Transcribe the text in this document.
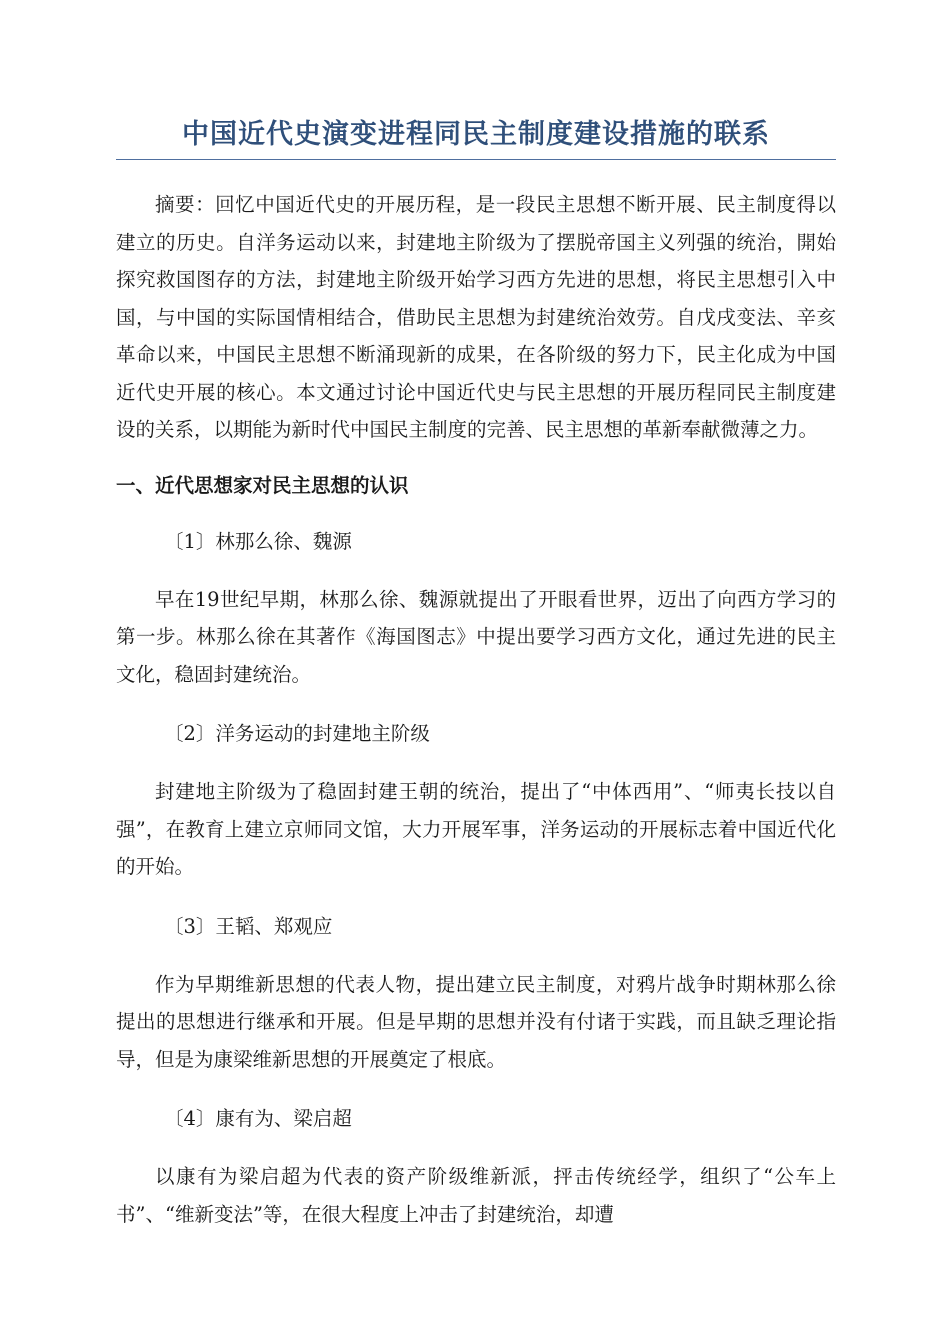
中国近代史演变进程同民主制度建设措施的联系

摘要：回忆中国近代史的开展历程，是一段民主思想不断开展、民主制度得以建立的历史。自洋务运动以来，封建地主阶级为了摆脱帝国主义列强的统治，開始探究救国图存的方法，封建地主阶级开始学习西方先进的思想，将民主思想引入中国，与中国的实际国情相结合，借助民主思想为封建统治效劳。自戊戌变法、辛亥革命以来，中国民主思想不断涌现新的成果，在各阶级的努力下，民主化成为中国近代史开展的核心。本文通过讨论中国近代史与民主思想的开展历程同民主制度建设的关系，以期能为新时代中国民主制度的完善、民主思想的革新奉献微薄之力。

一、近代思想家对民主思想的认识
〔1〕林那么徐、魏源

早在19世纪早期，林那么徐、魏源就提出了开眼看世界，迈出了向西方学习的第一步。林那么徐在其著作《海国图志》中提出要学习西方文化，通过先进的民主文化，稳固封建统治。

〔2〕洋务运动的封建地主阶级

封建地主阶级为了稳固封建王朝的统治，提出了“中体西用”、“师夷长技以自强”，在教育上建立京师同文馆，大力开展军事，洋务运动的开展标志着中国近代化的开始。

〔3〕王韬、郑观应

作为早期维新思想的代表人物，提出建立民主制度，对鸦片战争时期林那么徐提出的思想进行继承和开展。但是早期的思想并没有付诸于实践，而且缺乏理论指导，但是为康梁维新思想的开展奠定了根底。

〔4〕康有为、梁启超

以康有为梁启超为代表的资产阶级维新派，抨击传统经学，组织了“公车上书”、“维新变法”等，在很大程度上冲击了封建统治，却遭
